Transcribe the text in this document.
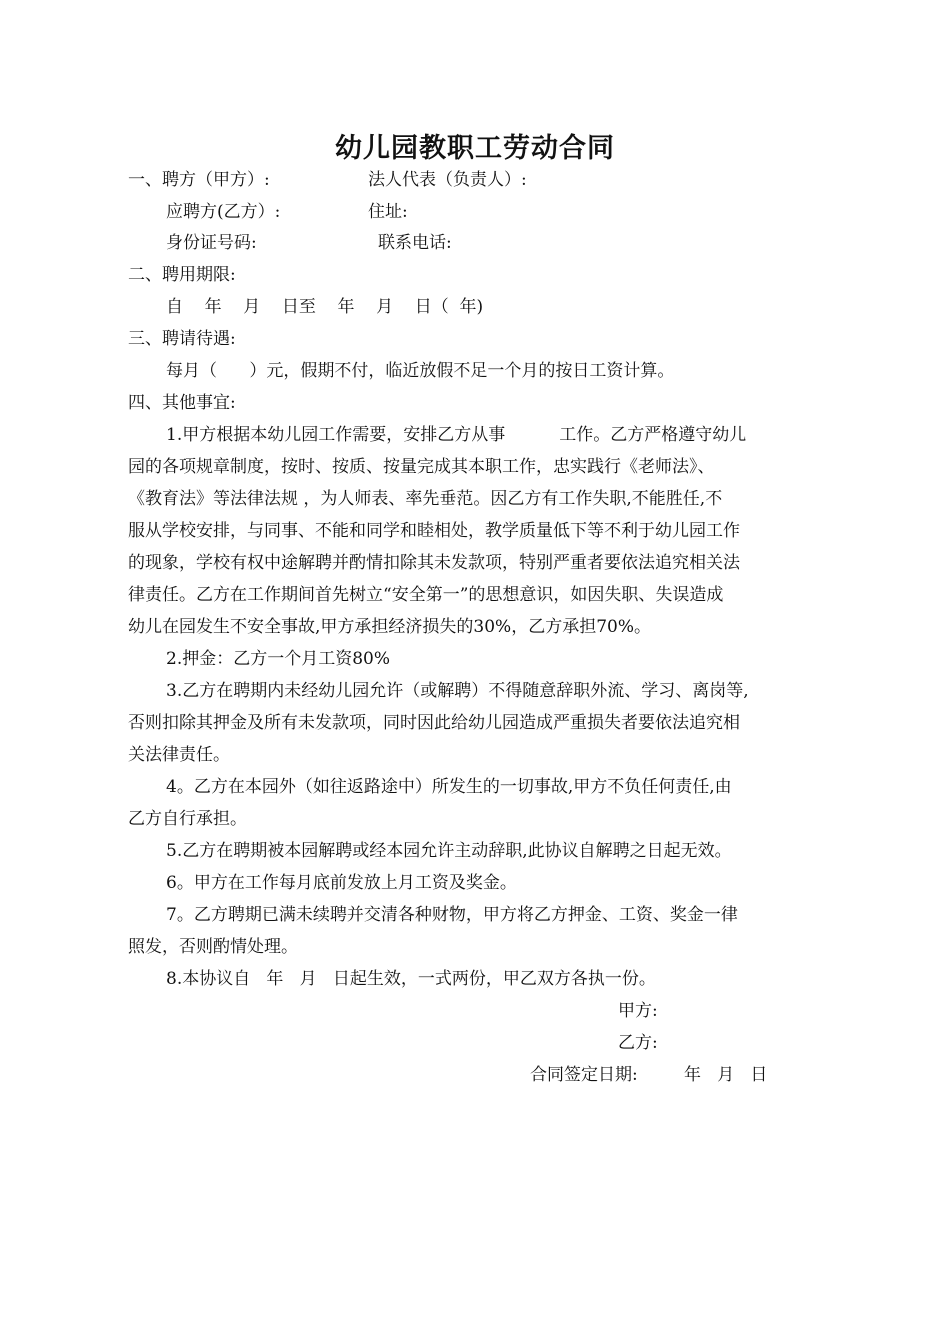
幼儿园教职工劳动合同
一、聘方（甲方）:	法人代表（负责人）:
应聘方(乙方）:	住址:
身份证号码:	联系电话:
二、聘用期限:
自    年    月    日至    年    月    日（  年)
三、聘请待遇:
每月（      ）元，假期不付，临近放假不足一个月的按日工资计算。
四、其他事宜:
1.甲方根据本幼儿园工作需要，安排乙方从事          工作。乙方严格遵守幼儿
园的各项规章制度，按时、按质、按量完成其本职工作，忠实践行《老师法》、
《教育法》等法律法规 ，为人师表、率先垂范。因乙方有工作失职,不能胜任,不
服从学校安排，与同事、不能和同学和睦相处，教学质量低下等不利于幼儿园工作
的现象，学校有权中途解聘并酌情扣除其未发款项，特别严重者要依法追究相关法
律责任。乙方在工作期间首先树立“安全第一”的思想意识，如因失职、失误造成
幼儿在园发生不安全事故,甲方承担经济损失的30%，乙方承担70%。
2.押金：乙方一个月工资80%
3.乙方在聘期内未经幼儿园允许（或解聘）不得随意辞职外流、学习、离岗等,
否则扣除其押金及所有未发款项，同时因此给幼儿园造成严重损失者要依法追究相
关法律责任。
4。乙方在本园外（如往返路途中）所发生的一切事故,甲方不负任何责任,由
乙方自行承担。
5.乙方在聘期被本园解聘或经本园允许主动辞职,此协议自解聘之日起无效。
6。甲方在工作每月底前发放上月工资及奖金。
7。乙方聘期已满未续聘并交清各种财物，甲方将乙方押金、工资、奖金一律
照发，否则酌情处理。
8.本协议自   年   月   日起生效，一式两份，甲乙双方各执一份。
甲方:
乙方:
合同签定日期:	年   月   日
